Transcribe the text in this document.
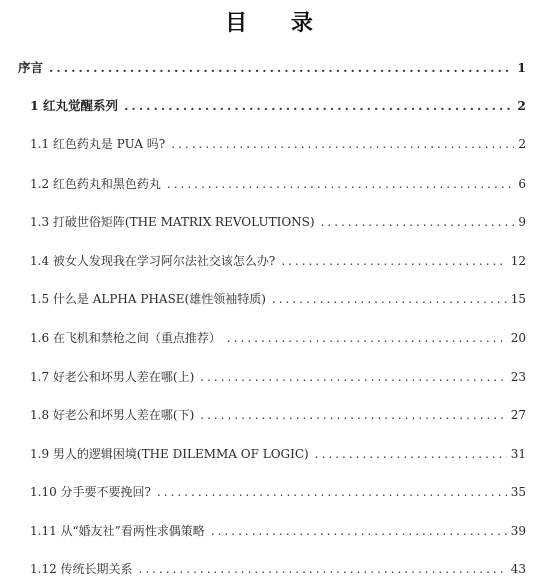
目 录
序言 .....	1
1 红丸觉醒系列 .....	2
1.1 红色药丸是 PUA 吗? .....	2
1.2 红色药丸和黑色药丸 .....	6
1.3 打破世俗矩阵(THE MATRIX REVOLUTIONS) .....	9
1.4 被女人发现我在学习阿尔法社交该怎么办? .....	12
1.5 什么是 ALPHA PHASE(雄性领袖特质) .....	15
1.6 在飞机和禁枪之间（重点推荐） .....	20
1.7 好老公和坏男人差在哪(上) .....	23
1.8 好老公和坏男人差在哪(下) .....	27
1.9 男人的逻辑困境(THE DILEMMA OF LOGIC) .....	31
1.10 分手要不要挽回? .....	35
1.11 从“婚友社”看两性求偶策略 .....	39
1.12 传统长期关系 .....	43
